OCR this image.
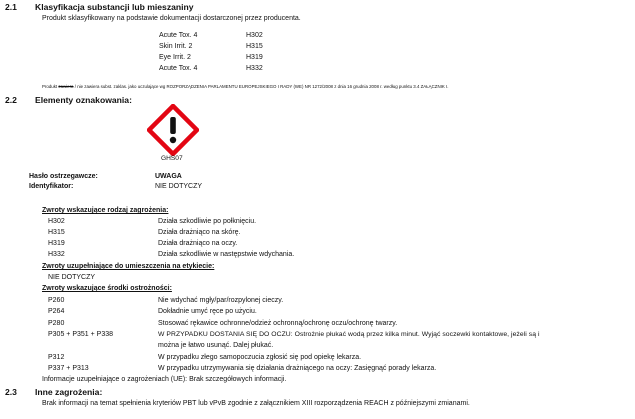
2.1 Klasyfikacja substancji lub mieszaniny
Produkt sklasyfikowany na podstawie dokumentacji dostarczonej przez producenta.
Acute Tox. 4	H302
Skin Irrit. 2	H315
Eye Irrit. 2	H319
Acute Tox. 4	H332
Produkt zawiera / nie zawiera subst. zaklas. jako uczulające wg ROZPORZĄDZENIA PARLAMENTU EUROPEJSKIEGO I RADY (WE) NR 1272/2008 z dnia 16 grudnia 2008 r. według punktu 3.4 ZAŁĄCZNIK I.
2.2 Elementy oznakowania:
GHS07
Hasło ostrzegawcze:	UWAGA
Identyfikator:	NIE DOTYCZY
Zwroty wskazujące rodzaj zagrożenia:
H302	Działa szkodliwie po połknięciu.
H315	Działa drażniąco na skórę.
H319	Działa drażniąco na oczy.
H332	Działa szkodliwie w następstwie wdychania.
Zwroty uzupełniające do umieszczenia na etykiecie:
NIE DOTYCZY
Zwroty wskazujące środki ostrożności:
P260	Nie wdychać mgły/par/rozpylonej cieczy.
P264	Dokładnie umyć ręce po użyciu.
P280	Stosować rękawice ochronne/odzież ochronną/ochronę oczu/ochronę twarzy.
P305 + P351 + P338	W PRZYPADKU DOSTANIA SIĘ DO OCZU: Ostrożnie płukać wodą przez kilka minut. Wyjąć soczewki kontaktowe, jeżeli są i
można je łatwo usunąć. Dalej płukać.
P312	W przypadku złego samopoczucia zgłosić się pod opiekę lekarza.
P337 + P313	W przypadku utrzymywania się działania drażniącego na oczy: Zasięgnąć porady lekarza.
Informacje uzupełniające o zagrożeniach (UE): Brak szczegółowych informacji.
2.3 Inne zagrożenia:
Brak informacji na temat spełnienia kryteriów PBT lub vPvB zgodnie z załącznikiem XIII rozporządzenia REACH z późniejszymi zmianami.
